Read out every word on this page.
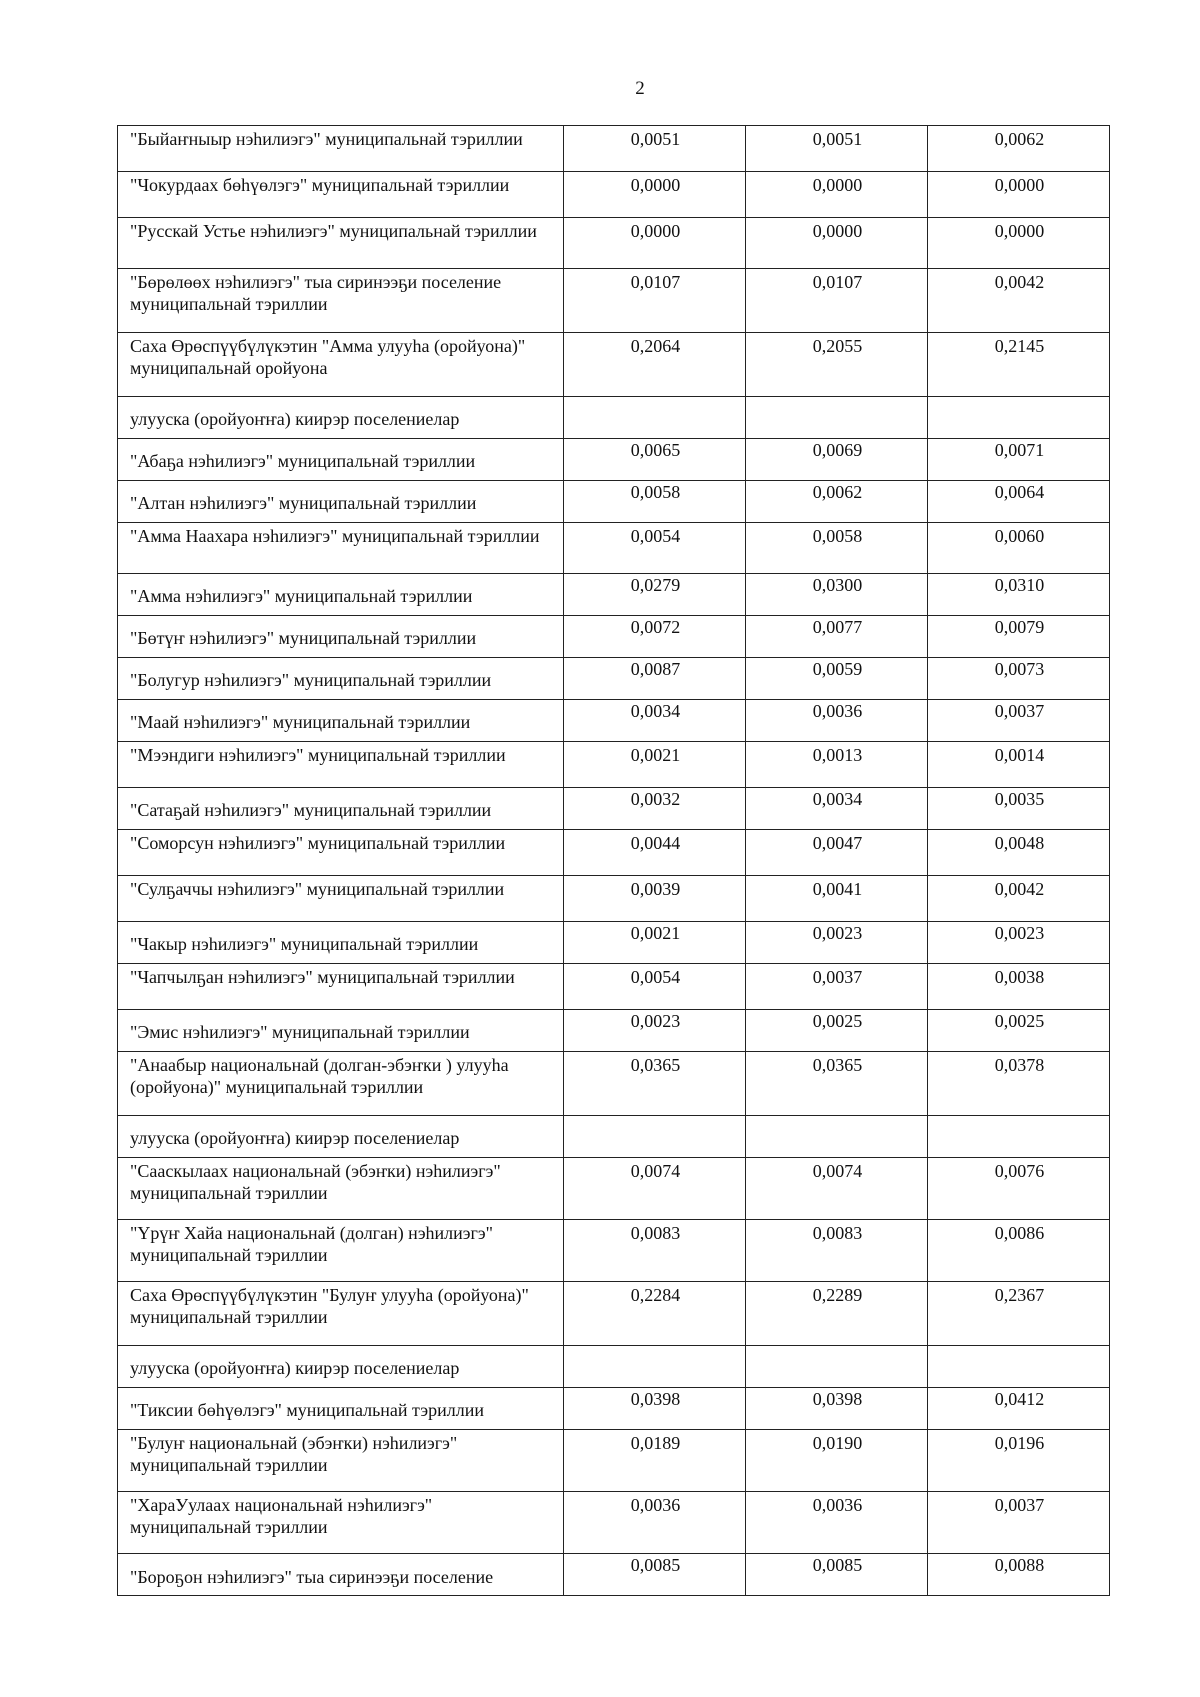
2
"Быйаҥныыр нэһилиэгэ" муниципальнай тэриллии	0,0051	0,0051	0,0062
"Чокурдаах бөһүөлэгэ" муниципальнай тэриллии	0,0000	0,0000	0,0000
"Русскай Устье нэһилиэгэ" муниципальнай тэриллии	0,0000	0,0000	0,0000
"Бөрөлөөх нэһилиэгэ" тыа сиринээҕи поселение муниципальнай тэриллии	0,0107	0,0107	0,0042
Саха Өрөспүүбүлүкэтин "Амма улууһа (оройуона)" муниципальнай оройуона	0,2064	0,2055	0,2145
улууска (оройуоҥҥа) киирэр поселениелар			
"Абаҕа нэһилиэгэ" муниципальнай тэриллии	0,0065	0,0069	0,0071
"Алтан нэһилиэгэ" муниципальнай тэриллии	0,0058	0,0062	0,0064
"Амма Наахара нэһилиэгэ" муниципальнай тэриллии	0,0054	0,0058	0,0060
"Амма нэһилиэгэ" муниципальнай тэриллии	0,0279	0,0300	0,0310
"Бөтүҥ нэһилиэгэ" муниципальнай тэриллии	0,0072	0,0077	0,0079
"Болугур нэһилиэгэ" муниципальнай тэриллии	0,0087	0,0059	0,0073
"Маай нэһилиэгэ" муниципальнай тэриллии	0,0034	0,0036	0,0037
"Мээндиги нэһилиэгэ" муниципальнай тэриллии	0,0021	0,0013	0,0014
"Сатаҕай нэһилиэгэ" муниципальнай тэриллии	0,0032	0,0034	0,0035
"Соморсун нэһилиэгэ" муниципальнай тэриллии	0,0044	0,0047	0,0048
"Сулҕаччы нэһилиэгэ" муниципальнай тэриллии	0,0039	0,0041	0,0042
"Чакыр нэһилиэгэ" муниципальнай тэриллии	0,0021	0,0023	0,0023
"Чапчылҕан нэһилиэгэ" муниципальнай тэриллии	0,0054	0,0037	0,0038
"Эмис нэһилиэгэ" муниципальнай тэриллии	0,0023	0,0025	0,0025
"Анаабыр национальнай (долган-эбэҥки ) улууһа (оройуона)" муниципальнай тэриллии	0,0365	0,0365	0,0378
улууска (оройуоҥҥа) киирэр поселениелар			
"Сааскылаах национальнай (эбэҥки) нэһилиэгэ" муниципальнай тэриллии	0,0074	0,0074	0,0076
"Үрүҥ Хайа национальнай (долган) нэһилиэгэ" муниципальнай тэриллии	0,0083	0,0083	0,0086
Саха Өрөспүүбүлүкэтин "Булуҥ улууһа (оройуона)" муниципальнай тэриллии	0,2284	0,2289	0,2367
улууска (оройуоҥҥа) киирэр поселениелар			
"Тиксии бөһүөлэгэ" муниципальнай тэриллии	0,0398	0,0398	0,0412
"Булуҥ национальнай (эбэҥки) нэһилиэгэ" муниципальнай тэриллии	0,0189	0,0190	0,0196
"ХараУулаах национальнай нэһилиэгэ" муниципальнай тэриллии	0,0036	0,0036	0,0037
"Бороҕон нэһилиэгэ" тыа сиринээҕи поселение	0,0085	0,0085	0,0088
